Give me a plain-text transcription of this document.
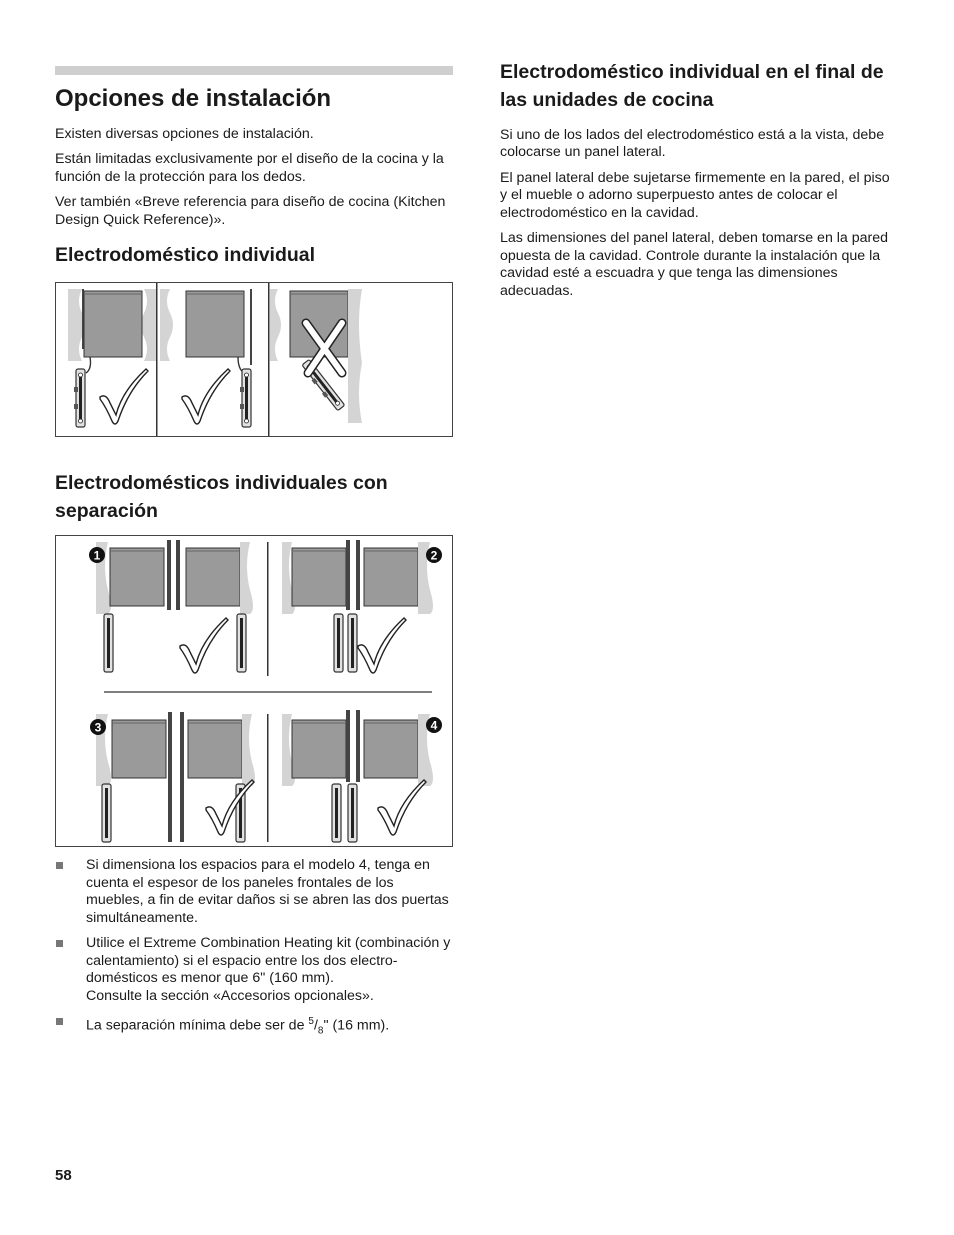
Opciones de instalación

Existen diversas opciones de instalación.

Están limitadas exclusivamente por el diseño de la cocina y la función de la protección para los dedos.

Ver también «Breve referencia para diseño de cocina (Kitchen Design Quick Reference)».

Electrodoméstico individual
Electrodomésticos individuales con separación
1	2
3	4
Si dimensiona los espacios para el modelo 4, tenga en cuenta el espesor de los paneles frontales de los muebles, a fin de evitar daños si se abren las dos puertas simultáneamente.
Utilice el Extreme Combination Heating kit (combinación y calentamiento) si el espacio entre los dos electro-domésticos es menor que 6" (160 mm).
Consulte la sección «Accesorios opcionales».
La separación mínima debe ser de $^5/_8$" (16 mm).
Electrodoméstico individual en el final de las unidades de cocina

Si uno de los lados del electrodoméstico está a la vista, debe colocarse un panel lateral.

El panel lateral debe sujetarse firmemente en la pared, el piso y el mueble o adorno superpuesto antes de colocar el electrodoméstico en la cavidad.

Las dimensiones del panel lateral, deben tomarse en la pared opuesta de la cavidad. Controle durante la instalación que la cavidad esté a escuadra y que tenga las dimensiones adecuadas.

58
